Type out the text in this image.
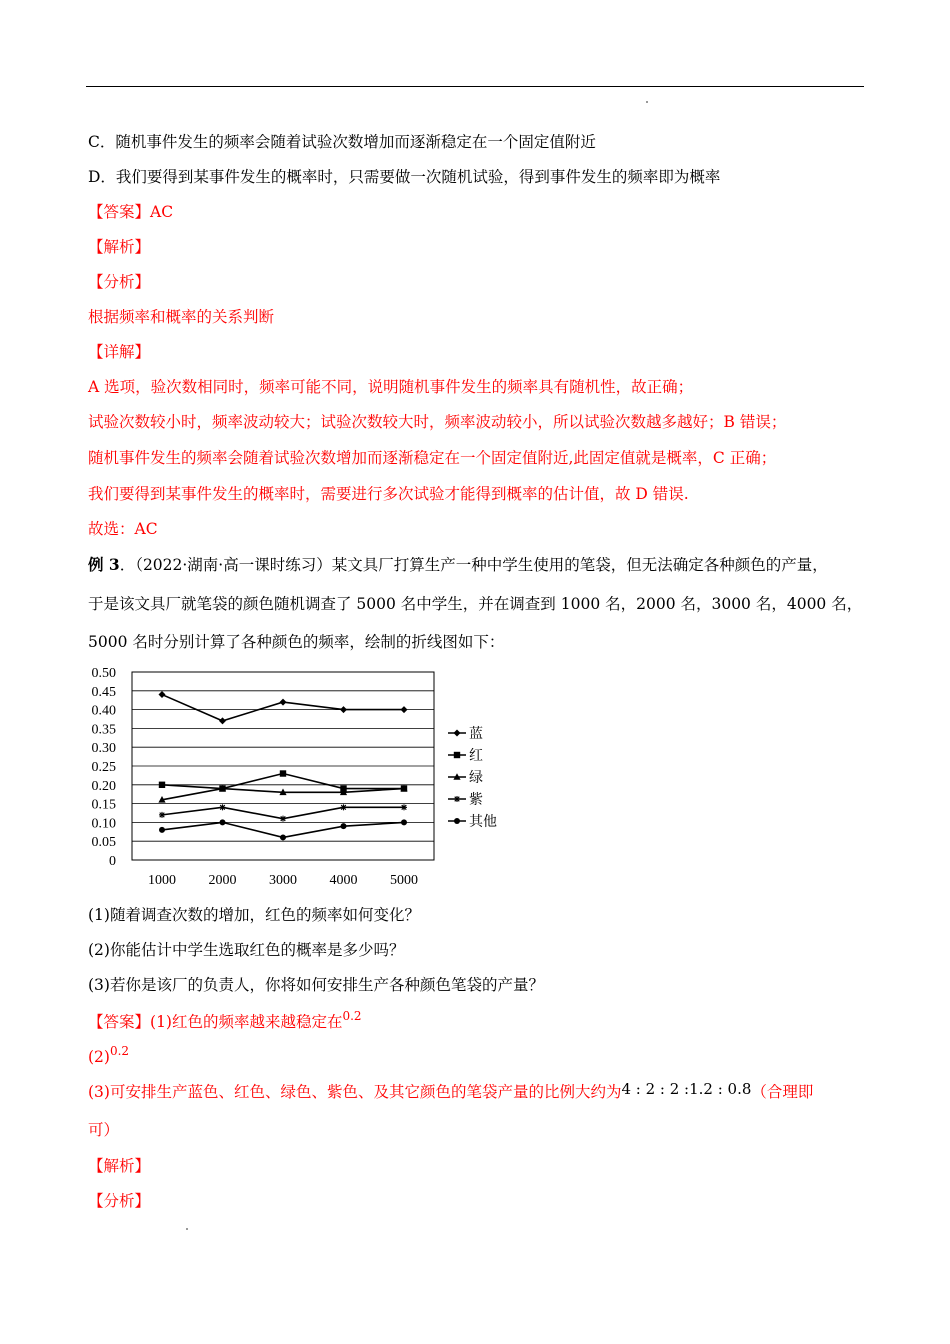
C．随机事件发生的频率会随着试验次数增加而逐渐稳定在一个固定值附近
D．我们要得到某事件发生的概率时，只需要做一次随机试验，得到事件发生的频率即为概率
【答案】AC
【解析】
【分析】
根据频率和概率的关系判断
【详解】
A 选项，验次数相同时，频率可能不同，说明随机事件发生的频率具有随机性，故正确；
试验次数较小时，频率波动较大；试验次数较大时，频率波动较小，所以试验次数越多越好；B 错误；
随机事件发生的频率会随着试验次数增加而逐渐稳定在一个固定值附近,此固定值就是概率，C 正确；
我们要得到某事件发生的概率时，需要进行多次试验才能得到概率的估计值，故 D 错误.
故选：AC
例 3．（2022·湖南·高一课时练习）某文具厂打算生产一种中学生使用的笔袋，但无法确定各种颜色的产量，
于是该文具厂就笔袋的颜色随机调查了 5000 名中学生，并在调查到 1000 名，2000 名，3000 名，4000 名，
5000 名时分别计算了各种颜色的频率，绘制的折线图如下：
0.50
0.45
0.40
0.35
0.30
0.25
0.20
0.15
0.10
0.05
0
1000 2000 3000 4000 5000
蓝
红
绿
紫
其他
(1)随着调查次数的增加，红色的频率如何变化？
(2)你能估计中学生选取红色的概率是多少吗？
(3)若你是该厂的负责人，你将如何安排生产各种颜色笔袋的产量？
【答案】(1)红色的频率越来越稳定在$^{0.2}$
$(2)^{0.2}$
(3)可安排生产蓝色、红色、绿色、紫色、及其它颜色的笔袋产量的比例大约为4 : 2 : 2 :1.2 : 0.8（合理即
可）
【解析】
【分析】
